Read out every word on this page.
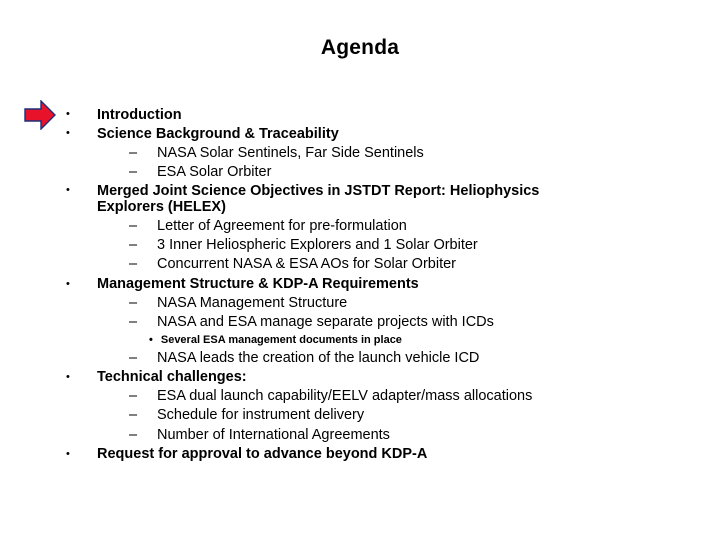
Agenda
•
•
•
•
•
•
Introduction
Science Background & Traceability
– NASA Solar Sentinels, Far Side Sentinels
– ESA Solar Orbiter
Merged Joint Science Objectives in JSTDT Report: Heliophysics
Explorers (HELEX)
– Letter of Agreement for pre-formulation
– 3 Inner Heliospheric Explorers and 1 Solar Orbiter
– Concurrent NASA & ESA AOs for Solar Orbiter
Management Structure & KDP-A Requirements
– NASA Management Structure
– NASA and ESA manage separate projects with ICDs
• Several ESA management documents in place
– NASA leads the creation of the launch vehicle ICD
Technical challenges:
– ESA dual launch capability/EELV adapter/mass allocations
– Schedule for instrument delivery
– Number of International Agreements
Request for approval to advance beyond KDP-A
